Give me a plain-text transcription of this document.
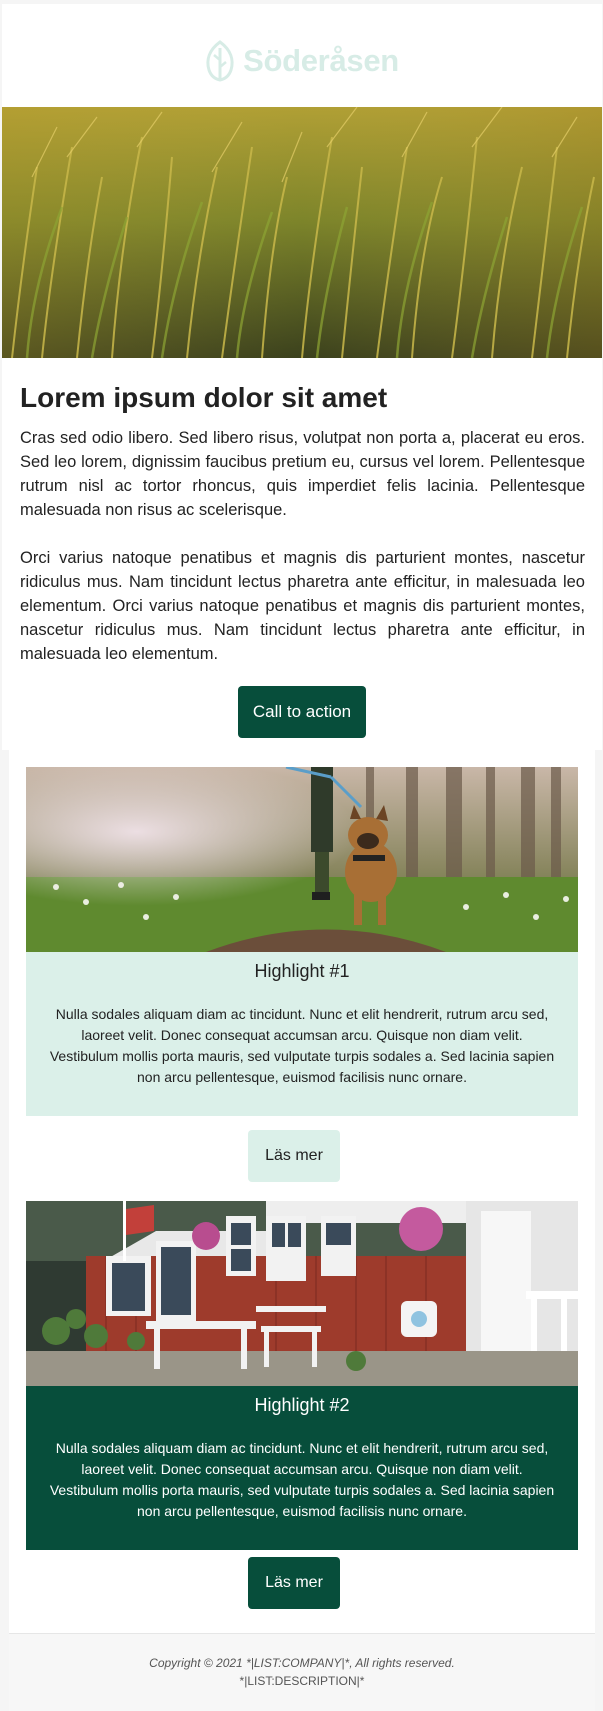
Söderåsen
Lorem ipsum dolor sit amet

Cras sed odio libero. Sed libero risus, volutpat non porta a, placerat eu eros. Sed leo lorem, dignissim faucibus pretium eu, cursus vel lorem. Pellentesque rutrum nisl ac tortor rhoncus, quis imperdiet felis lacinia. Pellentesque malesuada non risus ac scelerisque.

Orci varius natoque penatibus et magnis dis parturient montes, nascetur ridiculus mus. Nam tincidunt lectus pharetra ante efficitur, in malesuada leo elementum. Orci varius natoque penatibus et magnis dis parturient montes, nascetur ridiculus mus. Nam tincidunt lectus pharetra ante efficitur, in malesuada leo elementum.

Call to action
Highlight #1
Nulla sodales aliquam diam ac tincidunt. Nunc et elit hendrerit, rutrum arcu sed, laoreet velit. Donec consequat accumsan arcu. Quisque non diam velit. Vestibulum mollis porta mauris, sed vulputate turpis sodales a. Sed lacinia sapien non arcu pellentesque, euismod facilisis nunc ornare.
Läs mer
Highlight #2
Nulla sodales aliquam diam ac tincidunt. Nunc et elit hendrerit, rutrum arcu sed, laoreet velit. Donec consequat accumsan arcu. Quisque non diam velit. Vestibulum mollis porta mauris, sed vulputate turpis sodales a. Sed lacinia sapien non arcu pellentesque, euismod facilisis nunc ornare.
Läs mer
Copyright © 2021 *|LIST:COMPANY|*, All rights reserved.
*|LIST:DESCRIPTION|*
